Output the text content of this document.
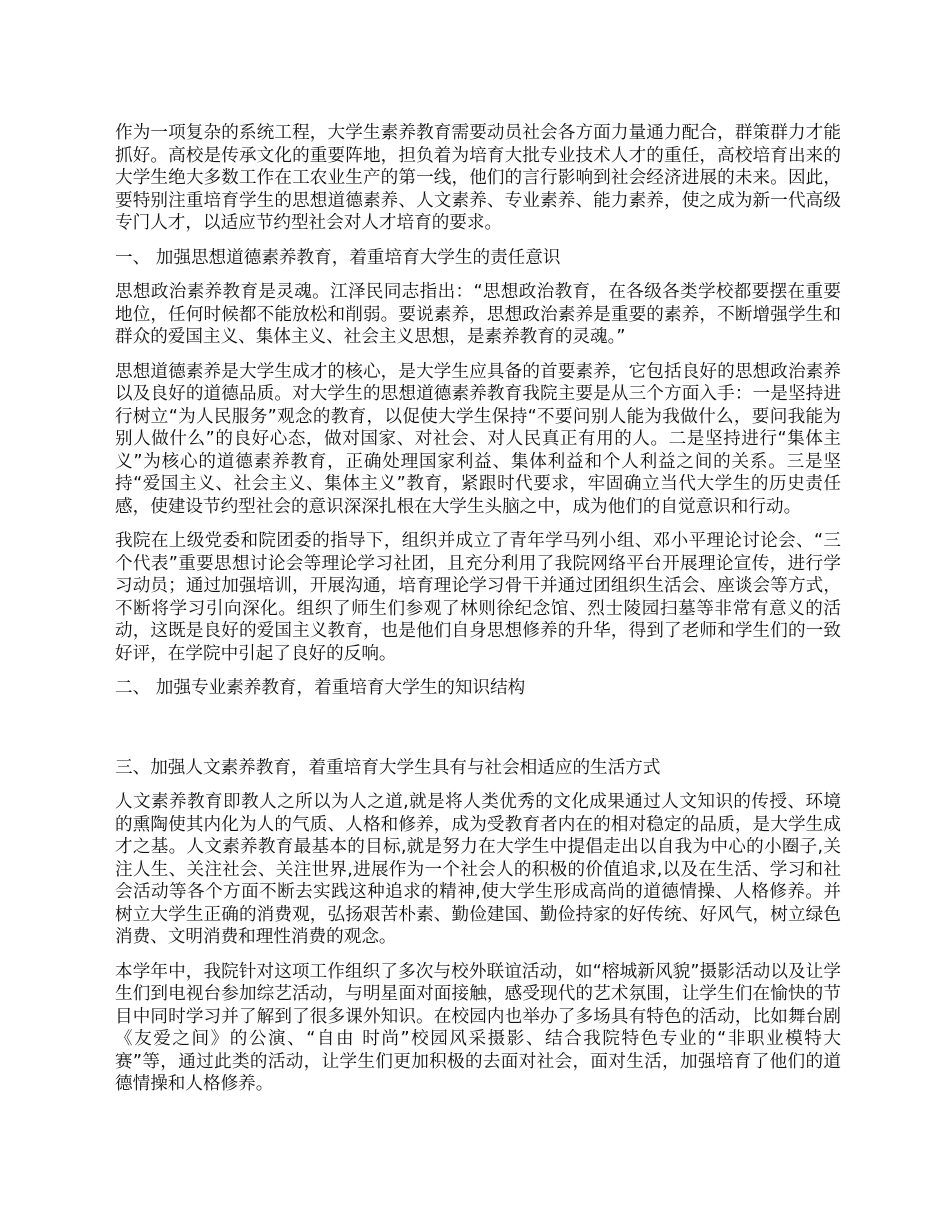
作为一项复杂的系统工程，大学生素养教育需要动员社会各方面力量通力配合，群策群力才能抓好。高校是传承文化的重要阵地，担负着为培育大批专业技术人才的重任，高校培育出来的大学生绝大多数工作在工农业生产的第一线，他们的言行影响到社会经济进展的未来。因此，要特别注重培育学生的思想道德素养、人文素养、专业素养、能力素养，使之成为新一代高级专门人才，以适应节约型社会对人才培育的要求。

一、 加强思想道德素养教育，着重培育大学生的责任意识

思想政治素养教育是灵魂。江泽民同志指出：“思想政治教育，在各级各类学校都要摆在重要地位，任何时候都不能放松和削弱。要说素养，思想政治素养是重要的素养，不断增强学生和群众的爱国主义、集体主义、社会主义思想，是素养教育的灵魂。”

思想道德素养是大学生成才的核心，是大学生应具备的首要素养，它包括良好的思想政治素养以及良好的道德品质。对大学生的思想道德素养教育我院主要是从三个方面入手：一是坚持进行树立“为人民服务”观念的教育，以促使大学生保持“不要问别人能为我做什么，要问我能为别人做什么”的良好心态，做对国家、对社会、对人民真正有用的人。二是坚持进行“集体主义”为核心的道德素养教育，正确处理国家利益、集体利益和个人利益之间的关系。三是坚持“爱国主义、社会主义、集体主义”教育，紧跟时代要求，牢固确立当代大学生的历史责任感，使建设节约型社会的意识深深扎根在大学生头脑之中，成为他们的自觉意识和行动。

我院在上级党委和院团委的指导下，组织并成立了青年学马列小组、邓小平理论讨论会、“三个代表”重要思想讨论会等理论学习社团，且充分利用了我院网络平台开展理论宣传，进行学习动员；通过加强培训，开展沟通，培育理论学习骨干并通过团组织生活会、座谈会等方式，不断将学习引向深化。组织了师生们参观了林则徐纪念馆、烈士陵园扫墓等非常有意义的活动，这既是良好的爱国主义教育，也是他们自身思想修养的升华，得到了老师和学生们的一致好评，在学院中引起了良好的反响。

二、 加强专业素养教育，着重培育大学生的知识结构

三、加强人文素养教育，着重培育大学生具有与社会相适应的生活方式

人文素养教育即教人之所以为人之道,就是将人类优秀的文化成果通过人文知识的传授、环境的熏陶使其内化为人的气质、人格和修养，成为受教育者内在的相对稳定的品质，是大学生成才之基。人文素养教育最基本的目标,就是努力在大学生中提倡走出以自我为中心的小圈子,关注人生、关注社会、关注世界,进展作为一个社会人的积极的价值追求,以及在生活、学习和社会活动等各个方面不断去实践这种追求的精神,使大学生形成高尚的道德情操、人格修养。并树立大学生正确的消费观，弘扬艰苦朴素、勤俭建国、勤俭持家的好传统、好风气，树立绿色消费、文明消费和理性消费的观念。

本学年中，我院针对这项工作组织了多次与校外联谊活动，如“榕城新风貌”摄影活动以及让学生们到电视台参加综艺活动，与明星面对面接触，感受现代的艺术氛围，让学生们在愉快的节目中同时学习并了解到了很多课外知识。在校园内也举办了多场具有特色的活动，比如舞台剧《友爱之间》的公演、“自由 时尚”校园风采摄影、结合我院特色专业的“非职业模特大赛”等，通过此类的活动，让学生们更加积极的去面对社会，面对生活，加强培育了他们的道德情操和人格修养。
